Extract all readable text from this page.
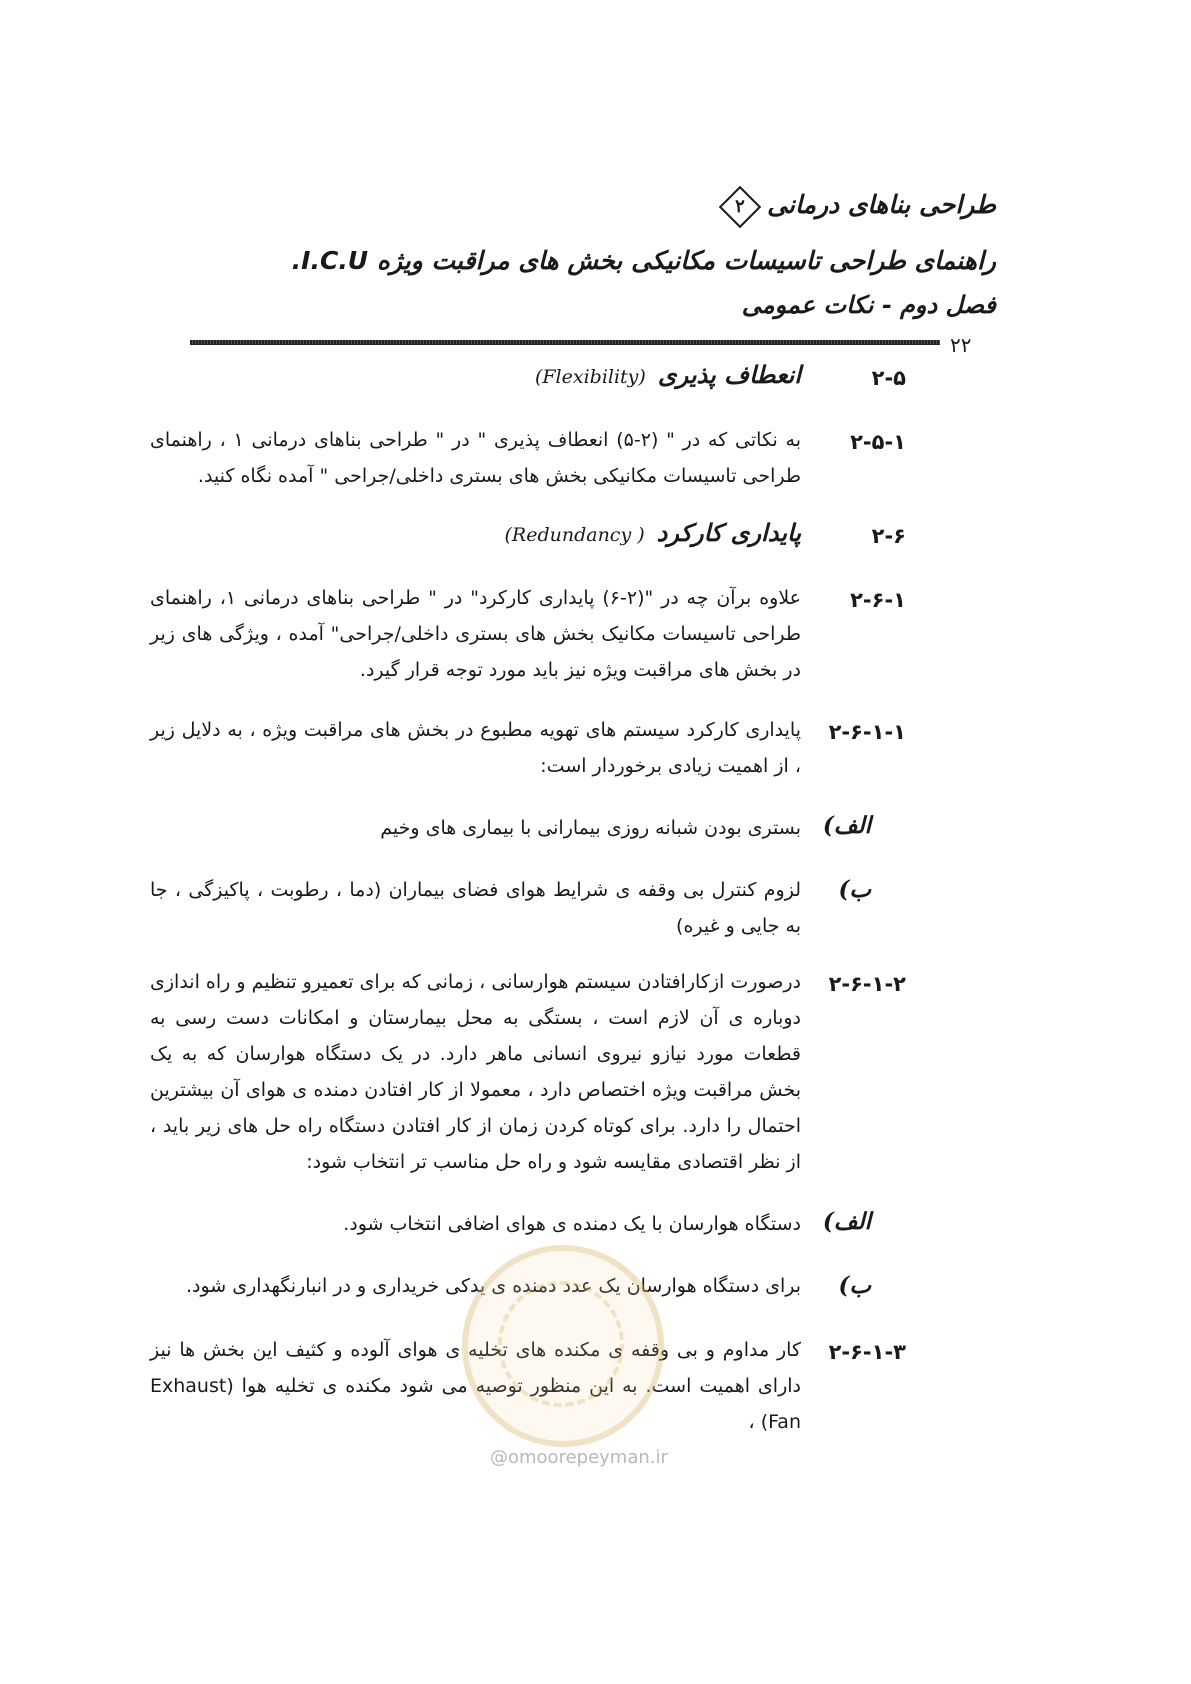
طراحی بناهای درمانی
۲
راهنمای طراحی تاسیسات مکانیکی بخش های مراقبت ویژه .I.C.U
فصل دوم - نکات عمومی
۲۲
۲-۵
انعطاف پذیری(Flexibility)
۲-۵-۱
به نکاتی که در " (۲-۵) انعطاف پذیری " در " طراحی بناهای درمانی ۱ ، راهنمای طراحی تاسیسات مکانیکی بخش های بستری داخلی/جراحی " آمده نگاه کنید.
۲-۶
پایداری کارکرد( Redundancy)
۲-۶-۱
علاوه برآن چه در "(۲-۶) پایداری کارکرد" در " طراحی بناهای درمانی ۱، راهنمای طراحی تاسیسات مکانیک بخش های بستری داخلی/جراحی" آمده ، ویژگی های زیر در بخش های مراقبت ویژه نیز باید مورد توجه قرار گیرد.
۲-۶-۱-۱
پایداری کارکرد سیستم های تهویه مطبوع در بخش های مراقبت ویژه ، به دلایل زیر ، از اهمیت زیادی برخوردار است:
الف)
بستری بودن شبانه روزی بیمارانی با بیماری های وخیم
ب)
لزوم کنترل بی وقفه ی شرایط هوای فضای بیماران (دما ، رطوبت ، پاکیزگی ، جا به جایی و غیره)
۲-۶-۱-۲
درصورت ازکارافتادن سیستم هوارسانی ، زمانی که برای تعمیرو تنظیم و راه اندازی دوباره ی آن لازم است ، بستگی به محل بیمارستان و امکانات دست رسی به قطعات مورد نیازو نیروی انسانی ماهر دارد. در یک دستگاه هوارسان که به یک بخش مراقبت ویژه اختصاص دارد ، معمولا از کار افتادن دمنده ی هوای آن بیشترین احتمال را دارد. برای کوتاه کردن زمان از کار افتادن دستگاه راه حل های زیر باید ، از نظر اقتصادی مقایسه شود و راه حل مناسب تر انتخاب شود:
الف)
دستگاه هوارسان با یک دمنده ی هوای اضافی انتخاب شود.
ب)
برای دستگاه هوارسان یک عدد دمنده ی یدکی خریداری و در انبارنگهداری شود.
۲-۶-۱-۳
کار مداوم و بی وقفه ی مکنده های تخلیه ی هوای آلوده و کثیف این بخش ها نیز دارای اهمیت است. به این منظور توصیه می شود مکنده ی تخلیه هوا (Exhaust Fan) ،
@omoorepeyman.ir
